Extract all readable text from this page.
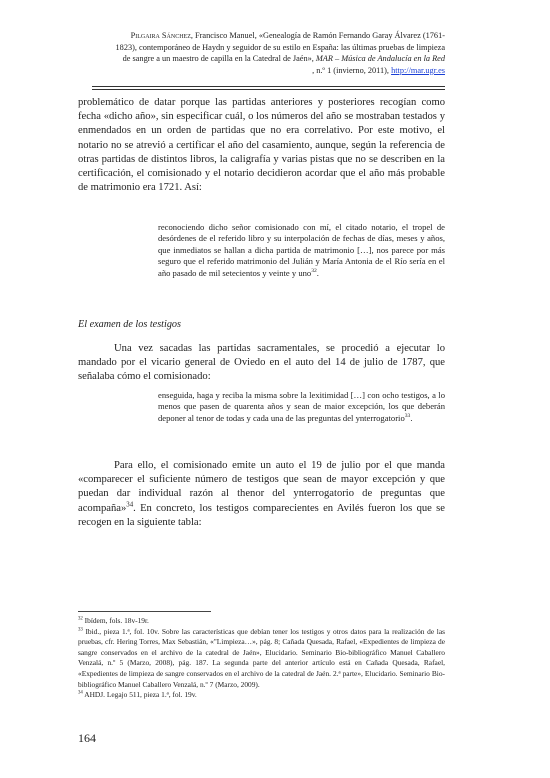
Pilgaira Sánchez, Francisco Manuel, «Genealogía de Ramón Fernando Garay Álvarez (1761-
1823), contemporáneo de Haydn y seguidor de su estilo en España: las últimas pruebas de limpieza
de sangre a un maestro de capilla en la Catedral de Jaén», MAR – Música de Andalucía en la Red
, n.º 1 (invierno, 2011), http://mar.ugr.es

problemático de datar porque las partidas anteriores y posteriores recogían como fecha «dicho año», sin especificar cuál, o los números del año se mostraban testados y enmendados en un orden de partidas que no era correlativo. Por este motivo, el notario no se atrevió a certificar el año del casamiento, aunque, según la referencia de otras partidas de distintos libros, la caligrafía y varias pistas que no se describen en la certificación, el comisionado y el notario decidieron acordar que el año más probable de matrimonio era 1721. Así:

reconociendo dicho señor comisionado con mí, el citado notario, el tropel de desórdenes de el referido libro y su interpolación de fechas de días, meses y años, que inmediatos se hallan a dicha partida de matrimonio […], nos parece por más seguro que el referido matrimonio del Julián y María Antonia de el Río sería en el año pasado de mil setecientos y veinte y uno$^{32}$.
El examen de los testigos

Una vez sacadas las partidas sacramentales, se procedió a ejecutar lo mandado por el vicario general de Oviedo en el auto del 14 de julio de 1787, que señalaba cómo el comisionado:

enseguida, haga y reciba la misma sobre la lexitimidad […] con ocho testigos, a lo menos que pasen de quarenta años y sean de maior excepción, los que deberán deponer al tenor de todas y cada una de las preguntas del ynterrogatorio$^{33}$.

Para ello, el comisionado emite un auto el 19 de julio por el que manda «comparecer el suficiente número de testigos que sean de mayor excepción y que puedan dar individual razón al thenor del ynterrogatorio de preguntas que acompaña»$^{34}$. En concreto, los testigos comparecientes en Avilés fueron los que se recogen en la siguiente tabla:

$^{32}$ Ibídem, fols. 18v-19r.

$^{33}$ Ibid., pieza 1.ª, fol. 10v. Sobre las características que debían tener los testigos y otros datos para la realización de las pruebas, cfr. Hering Torres, Max Sebastián, «"Limpieza…», pág. 8; Cañada Quesada, Rafael, «Expedientes de limpieza de sangre conservados en el archivo de la catedral de Jaén», Elucidario. Seminario Bio-bibliográfico Manuel Caballero Venzalá, n.º 5 (Marzo, 2008), pág. 187. La segunda parte del anterior artículo está en Cañada Quesada, Rafael, «Expedientes de limpieza de sangre conservados en el archivo de la catedral de Jaén. 2.ª parte», Elucidario. Seminario Bio-bibliográfico Manuel Caballero Venzalá, n.º 7 (Marzo, 2009).

$^{34}$ AHDJ. Legajo 511, pieza 1.ª, fol. 19v.

164
